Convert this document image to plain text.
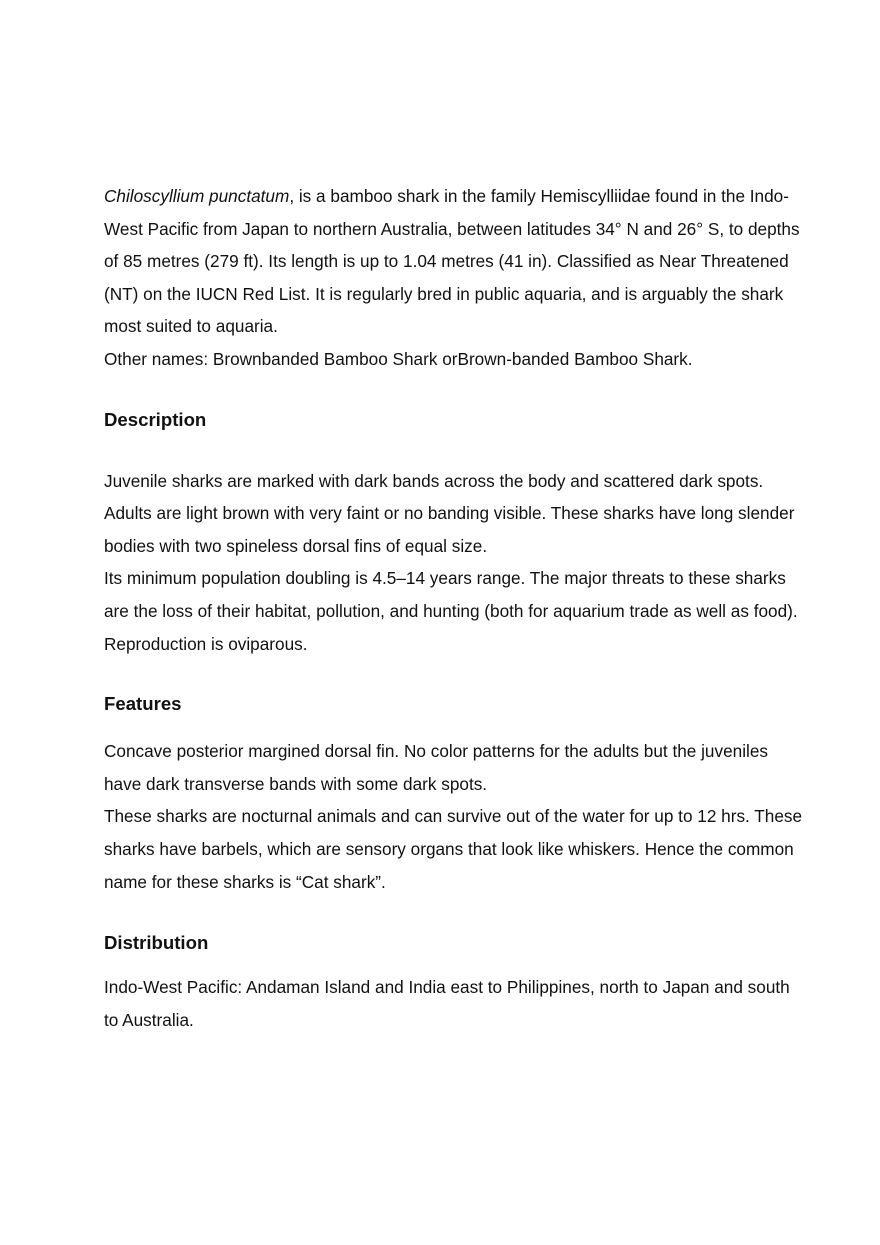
Chiloscyllium punctatum, is a bamboo shark in the family Hemiscylliidae found in the Indo-West Pacific from Japan to northern Australia, between latitudes 34° N and 26° S, to depths of 85 metres (279 ft). Its length is up to 1.04 metres (41 in). Classified as Near Threatened (NT) on the IUCN Red List. It is regularly bred in public aquaria, and is arguably the shark most suited to aquaria.

Other names: Brownbanded Bamboo Shark orBrown-banded Bamboo Shark.

Description

Juvenile sharks are marked with dark bands across the body and scattered dark spots. Adults are light brown with very faint or no banding visible. These sharks have long slender bodies with two spineless dorsal fins of equal size.

Its minimum population doubling is 4.5–14 years range. The major threats to these sharks are the loss of their habitat, pollution, and hunting (both for aquarium trade as well as food).

Reproduction is oviparous.

Features

Concave posterior margined dorsal fin. No color patterns for the adults but the juveniles have dark transverse bands with some dark spots.

These sharks are nocturnal animals and can survive out of the water for up to 12 hrs. These sharks have barbels, which are sensory organs that look like whiskers. Hence the common name for these sharks is “Cat shark”.

Distribution

Indo-West Pacific: Andaman Island and India east to Philippines, north to Japan and south to Australia.
